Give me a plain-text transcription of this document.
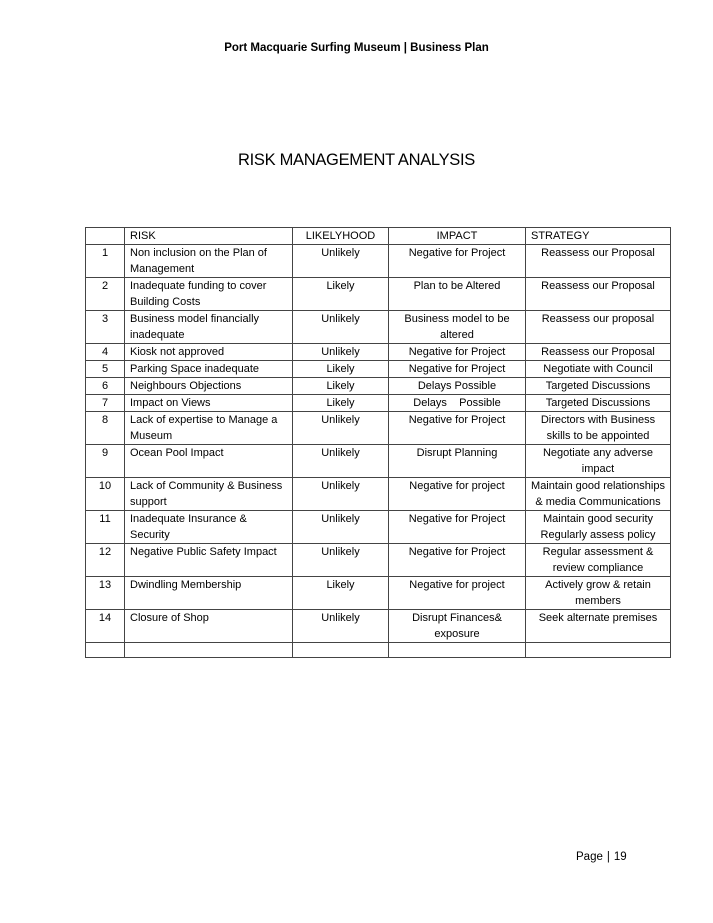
Port Macquarie Surfing Museum | Business Plan
RISK MANAGEMENT ANALYSIS
	RISK	LIKELYHOOD	IMPACT	STRATEGY
1	Non inclusion on the Plan of Management	Unlikely	Negative for Project	Reassess our Proposal
2	Inadequate funding to cover Building Costs	Likely	Plan to be Altered	Reassess our Proposal
3	Business model financially inadequate	Unlikely	Business model to be altered	Reassess our proposal
4	Kiosk not approved	Unlikely	Negative for Project	Reassess our Proposal
5	Parking Space inadequate	Likely	Negative for Project	Negotiate with Council
6	Neighbours Objections	Likely	Delays Possible	Targeted Discussions
7	Impact on Views	Likely	Delays    Possible	Targeted Discussions
8	Lack of expertise to Manage a Museum	Unlikely	Negative for Project	Directors with Business skills to be appointed
9	Ocean Pool Impact	Unlikely	Disrupt Planning	Negotiate any adverse impact
10	Lack of Community & Business support	Unlikely	Negative for project	Maintain good relationships & media Communications
11	Inadequate Insurance & Security	Unlikely	Negative for Project	Maintain good security Regularly assess policy
12	Negative Public Safety Impact	Unlikely	Negative for Project	Regular assessment & review compliance
13	Dwindling Membership	Likely	Negative for project	Actively grow & retain members
14	Closure of Shop	Unlikely	Disrupt Finances& exposure	Seek alternate premises

Page | 19
